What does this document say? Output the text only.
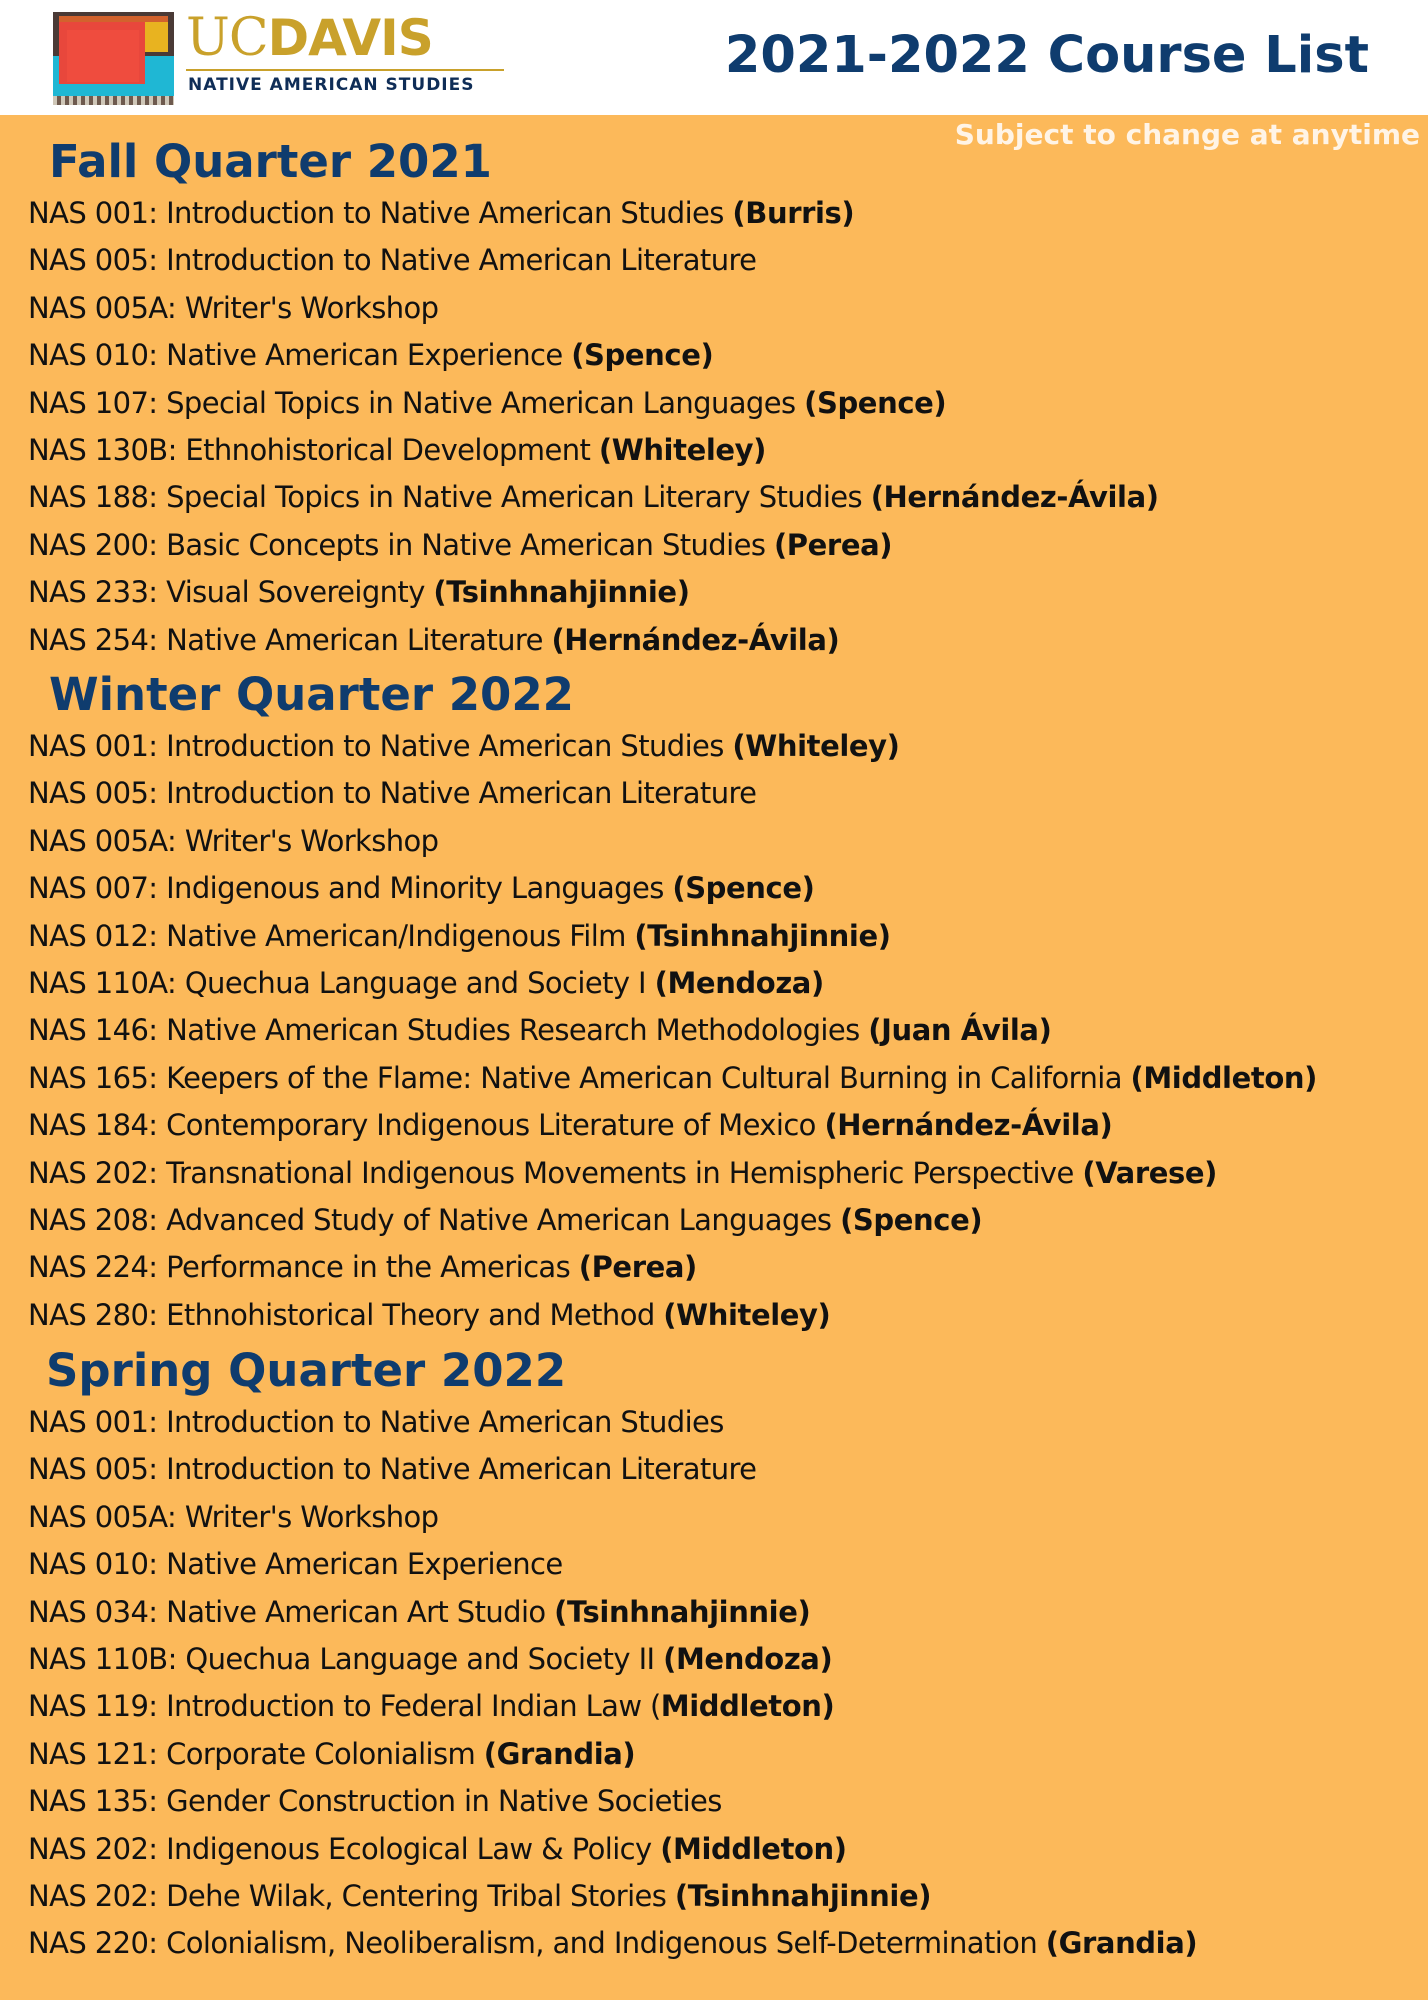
UCDAVIS
NATIVE AMERICAN STUDIES	2021-2022 Course List
Subject to change at anytime
Fall Quarter 2021
NAS 001: Introduction to Native American Studies (Burris)
NAS 005: Introduction to Native American Literature
NAS 005A: Writer's Workshop
NAS 010: Native American Experience (Spence)
NAS 107: Special Topics in Native American Languages (Spence)
NAS 130B: Ethnohistorical Development (Whiteley)
NAS 188: Special Topics in Native American Literary Studies (Hernández-Ávila)
NAS 200: Basic Concepts in Native American Studies (Perea)
NAS 233: Visual Sovereignty (Tsinhnahjinnie)
NAS 254: Native American Literature (Hernández-Ávila)
Winter Quarter 2022
NAS 001: Introduction to Native American Studies (Whiteley)
NAS 005: Introduction to Native American Literature
NAS 005A: Writer's Workshop
NAS 007: Indigenous and Minority Languages (Spence)
NAS 012: Native American/Indigenous Film (Tsinhnahjinnie)
NAS 110A: Quechua Language and Society I (Mendoza)
NAS 146: Native American Studies Research Methodologies (Juan Ávila)
NAS 165: Keepers of the Flame: Native American Cultural Burning in California (Middleton)
NAS 184: Contemporary Indigenous Literature of Mexico (Hernández-Ávila)
NAS 202: Transnational Indigenous Movements in Hemispheric Perspective (Varese)
NAS 208: Advanced Study of Native American Languages (Spence)
NAS 224: Performance in the Americas (Perea)
NAS 280: Ethnohistorical Theory and Method (Whiteley)
Spring Quarter 2022
NAS 001: Introduction to Native American Studies
NAS 005: Introduction to Native American Literature
NAS 005A: Writer's Workshop
NAS 010: Native American Experience
NAS 034: Native American Art Studio (Tsinhnahjinnie)
NAS 110B: Quechua Language and Society II (Mendoza)
NAS 119: Introduction to Federal Indian Law (Middleton)
NAS 121: Corporate Colonialism (Grandia)
NAS 135: Gender Construction in Native Societies
NAS 202: Indigenous Ecological Law & Policy (Middleton)
NAS 202: Dehe Wilak, Centering Tribal Stories (Tsinhnahjinnie)
NAS 220: Colonialism, Neoliberalism, and Indigenous Self-Determination (Grandia)
